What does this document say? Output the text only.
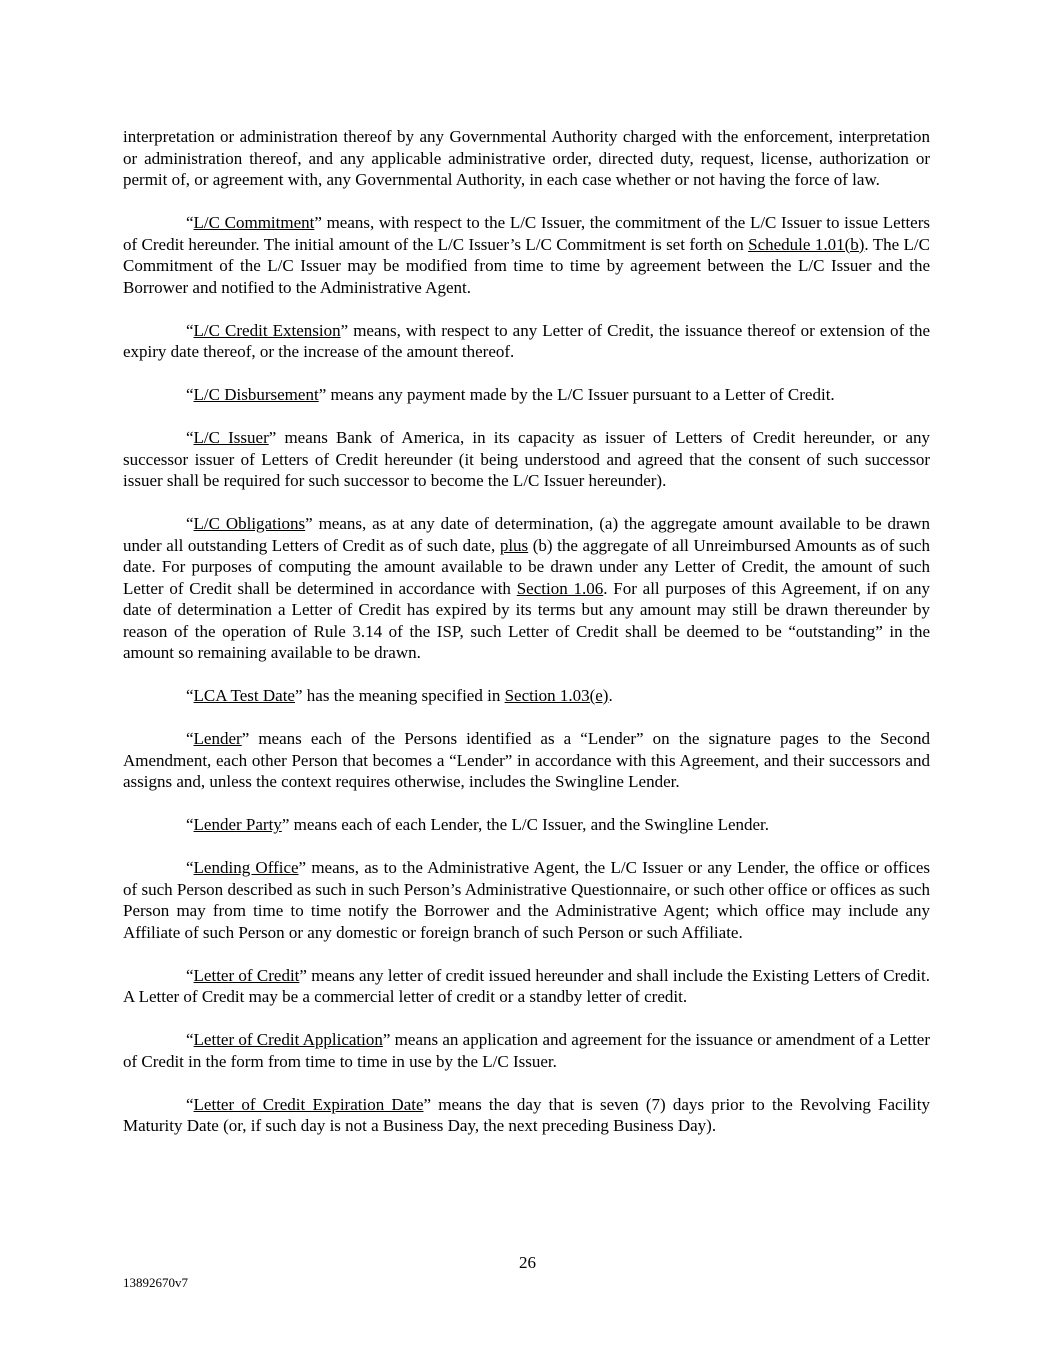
interpretation or administration thereof by any Governmental Authority charged with the enforcement, interpretation or administration thereof, and any applicable administrative order, directed duty, request, license, authorization or permit of, or agreement with, any Governmental Authority, in each case whether or not having the force of law.

“L/C Commitment” means, with respect to the L/C Issuer, the commitment of the L/C Issuer to issue Letters of Credit hereunder. The initial amount of the L/C Issuer’s L/C Commitment is set forth on Schedule 1.01(b). The L/C Commitment of the L/C Issuer may be modified from time to time by agreement between the L/C Issuer and the Borrower and notified to the Administrative Agent.

“L/C Credit Extension” means, with respect to any Letter of Credit, the issuance thereof or extension of the expiry date thereof, or the increase of the amount thereof.

“L/C Disbursement” means any payment made by the L/C Issuer pursuant to a Letter of Credit.

“L/C Issuer” means Bank of America, in its capacity as issuer of Letters of Credit hereunder, or any successor issuer of Letters of Credit hereunder (it being understood and agreed that the consent of such successor issuer shall be required for such successor to become the L/C Issuer hereunder).

“L/C Obligations” means, as at any date of determination, (a) the aggregate amount available to be drawn under all outstanding Letters of Credit as of such date, plus (b) the aggregate of all Unreimbursed Amounts as of such date. For purposes of computing the amount available to be drawn under any Letter of Credit, the amount of such Letter of Credit shall be determined in accordance with Section 1.06. For all purposes of this Agreement, if on any date of determination a Letter of Credit has expired by its terms but any amount may still be drawn thereunder by reason of the operation of Rule 3.14 of the ISP, such Letter of Credit shall be deemed to be “outstanding” in the amount so remaining available to be drawn.

“LCA Test Date” has the meaning specified in Section 1.03(e).

“Lender” means each of the Persons identified as a “Lender” on the signature pages to the Second Amendment, each other Person that becomes a “Lender” in accordance with this Agreement, and their successors and assigns and, unless the context requires otherwise, includes the Swingline Lender.

“Lender Party” means each of each Lender, the L/C Issuer, and the Swingline Lender.

“Lending Office” means, as to the Administrative Agent, the L/C Issuer or any Lender, the office or offices of such Person described as such in such Person’s Administrative Questionnaire, or such other office or offices as such Person may from time to time notify the Borrower and the Administrative Agent; which office may include any Affiliate of such Person or any domestic or foreign branch of such Person or such Affiliate.

“Letter of Credit” means any letter of credit issued hereunder and shall include the Existing Letters of Credit. A Letter of Credit may be a commercial letter of credit or a standby letter of credit.

“Letter of Credit Application” means an application and agreement for the issuance or amendment of a Letter of Credit in the form from time to time in use by the L/C Issuer.

“Letter of Credit Expiration Date” means the day that is seven (7) days prior to the Revolving Facility Maturity Date (or, if such day is not a Business Day, the next preceding Business Day).

26
13892670v7
